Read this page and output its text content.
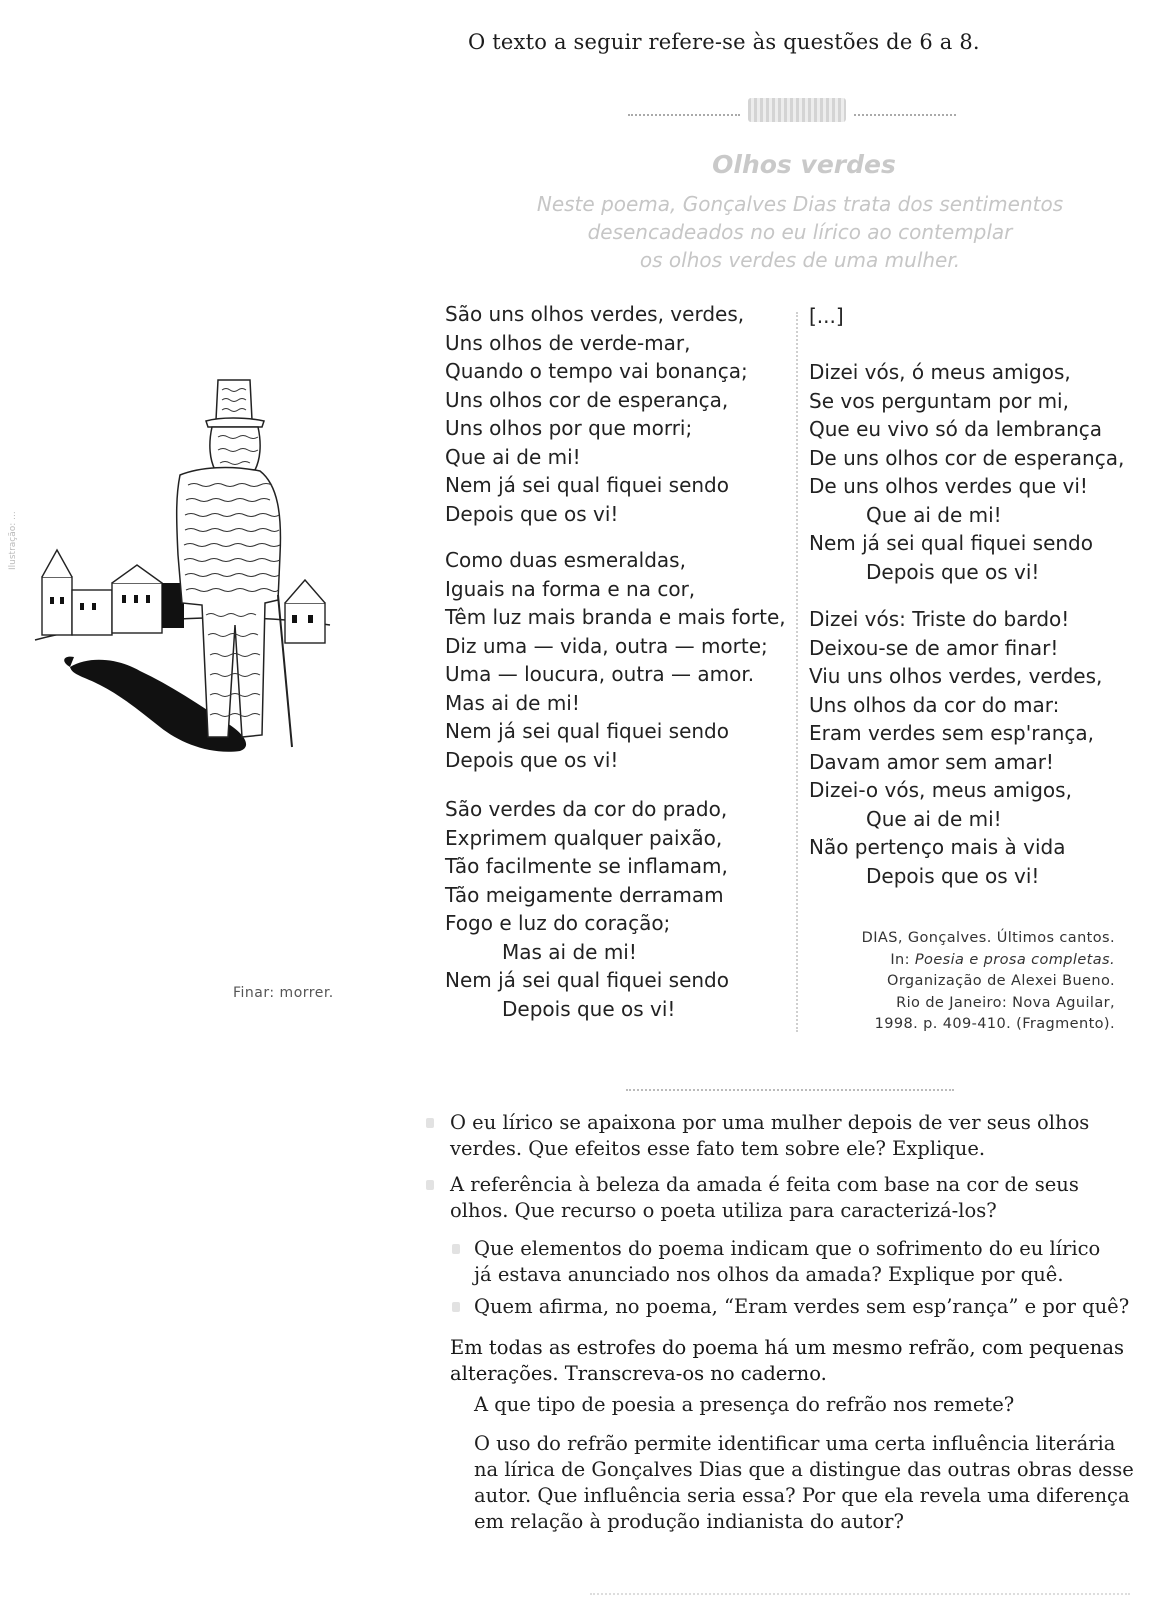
O texto a seguir refere-se às questões de 6 a 8.
Olhos verdes
Neste poema, Gonçalves Dias trata dos sentimentos
desencadeados no eu lírico ao contemplar
os olhos verdes de uma mulher.
Ilustração: ...
São uns olhos verdes, verdes,
Uns olhos de verde-mar,
Quando o tempo vai bonança;
Uns olhos cor de esperança,
Uns olhos por que morri;
Que ai de mi!
Nem já sei qual fiquei sendo
Depois que os vi!
Como duas esmeraldas,
Iguais na forma e na cor,
Têm luz mais branda e mais forte,
Diz uma — vida, outra — morte;
Uma — loucura, outra — amor.
Mas ai de mi!
Nem já sei qual fiquei sendo
Depois que os vi!
São verdes da cor do prado,
Exprimem qualquer paixão,
Tão facilmente se inflamam,
Tão meigamente derramam
Fogo e luz do coração;
Mas ai de mi!
Nem já sei qual fiquei sendo
Depois que os vi!
[...]
Dizei vós, ó meus amigos,
Se vos perguntam por mi,
Que eu vivo só da lembrança
De uns olhos cor de esperança,
De uns olhos verdes que vi!
Que ai de mi!
Nem já sei qual fiquei sendo
Depois que os vi!
Dizei vós: Triste do bardo!
Deixou-se de amor finar!
Viu uns olhos verdes, verdes,
Uns olhos da cor do mar:
Eram verdes sem esp'rança,
Davam amor sem amar!
Dizei-o vós, meus amigos,
Que ai de mi!
Não pertenço mais à vida
Depois que os vi!
DIAS, Gonçalves. Últimos cantos.
In: Poesia e prosa completas.
Organização de Alexei Bueno.
Rio de Janeiro: Nova Aguilar,
1998. p. 409-410. (Fragmento).
Finar: morrer.
O eu lírico se apaixona por uma mulher depois de ver seus olhos
verdes. Que efeitos esse fato tem sobre ele? Explique.
A referência à beleza da amada é feita com base na cor de seus
olhos. Que recurso o poeta utiliza para caracterizá-los?
Que elementos do poema indicam que o sofrimento do eu lírico
já estava anunciado nos olhos da amada? Explique por quê.
Quem afirma, no poema, “Eram verdes sem esp’rança” e por quê?
Em todas as estrofes do poema há um mesmo refrão, com pequenas
alterações. Transcreva-os no caderno.
A que tipo de poesia a presença do refrão nos remete?
O uso do refrão permite identificar uma certa influência literária
na lírica de Gonçalves Dias que a distingue das outras obras desse
autor. Que influência seria essa? Por que ela revela uma diferença
em relação à produção indianista do autor?
